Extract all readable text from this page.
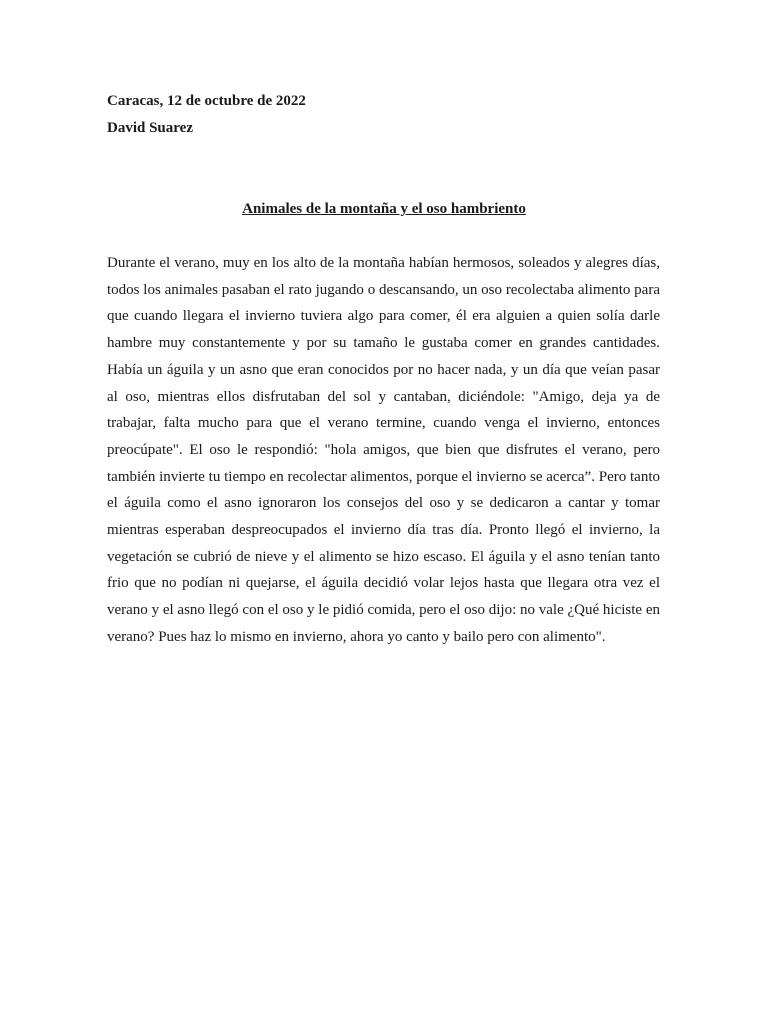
Caracas, 12 de octubre de 2022
David Suarez
Animales de la montaña y el oso hambriento

Durante el verano, muy en los alto de la montaña habían hermosos, soleados y alegres días, todos los animales pasaban el rato jugando o descansando, un oso recolectaba alimento para que cuando llegara el invierno tuviera algo para comer, él era alguien a quien solía darle hambre muy constantemente y por su tamaño le gustaba comer en grandes cantidades. Había un águila y un asno que eran conocidos por no hacer nada, y un día que veían pasar al oso, mientras ellos disfrutaban del sol y cantaban, diciéndole: "Amigo, deja ya de trabajar, falta mucho para que el verano termine, cuando venga el invierno, entonces preocúpate". El oso le respondió: "hola amigos, que bien que disfrutes el verano, pero también invierte tu tiempo en recolectar alimentos, porque el invierno se acerca”. Pero tanto el águila como el asno ignoraron los consejos del oso y se dedicaron a cantar y tomar mientras esperaban despreocupados el invierno día tras día. Pronto llegó el invierno, la vegetación se cubrió de nieve y el alimento se hizo escaso. El águila y el asno tenían tanto frio que no podían ni quejarse, el águila decidió volar lejos hasta que llegara otra vez el verano y el asno llegó con el oso y le pidió comida, pero el oso dijo: no vale ¿Qué hiciste en verano? Pues haz lo mismo en invierno, ahora yo canto y bailo pero con alimento".
